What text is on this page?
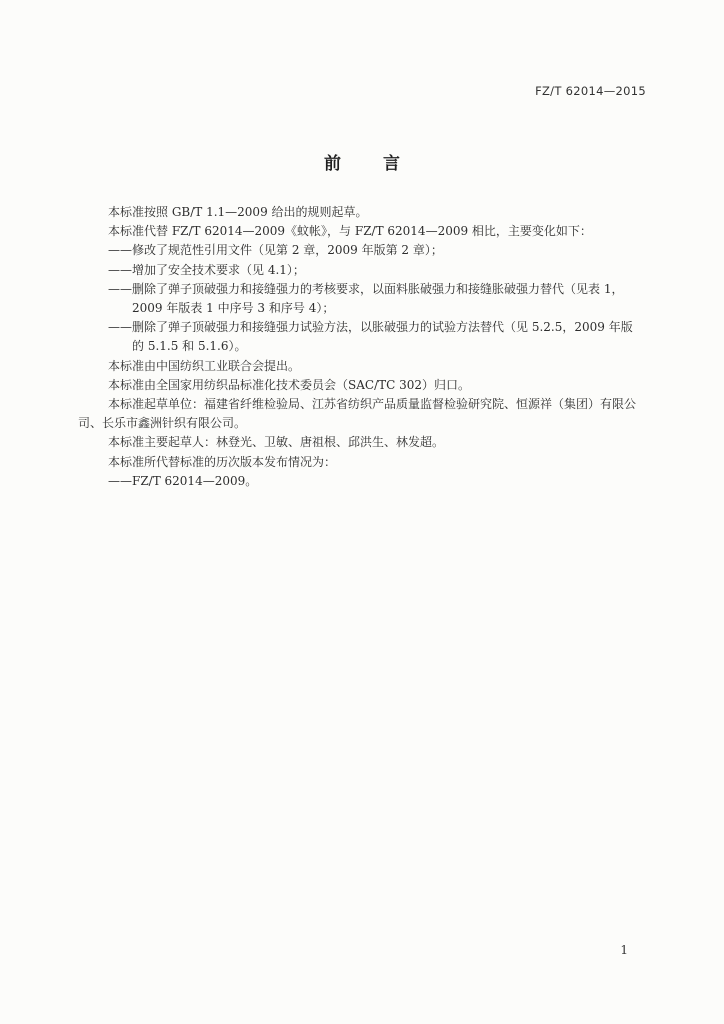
FZ/T 62014—2015
前言

本标准按照 GB/T 1.1—2009 给出的规则起草。

本标准代替 FZ/T 62014—2009《蚊帐》，与 FZ/T 62014—2009 相比，主要变化如下：

——修改了规范性引用文件（见第 2 章，2009 年版第 2 章）；

——增加了安全技术要求（见 4.1）；

——删除了弹子顶破强力和接缝强力的考核要求，以面料胀破强力和接缝胀破强力替代（见表 1，
2009 年版表 1 中序号 3 和序号 4）；

——删除了弹子顶破强力和接缝强力试验方法，以胀破强力的试验方法替代（见 5.2.5，2009 年版
的 5.1.5 和 5.1.6）。

本标准由中国纺织工业联合会提出。

本标准由全国家用纺织品标准化技术委员会（SAC/TC 302）归口。

本标准起草单位：福建省纤维检验局、江苏省纺织产品质量监督检验研究院、恒源祥（集团）有限公
司、长乐市鑫洲针织有限公司。

本标准主要起草人：林登光、卫敏、唐祖根、邱洪生、林发超。

本标准所代替标准的历次版本发布情况为：

——FZ/T 62014—2009。

1
